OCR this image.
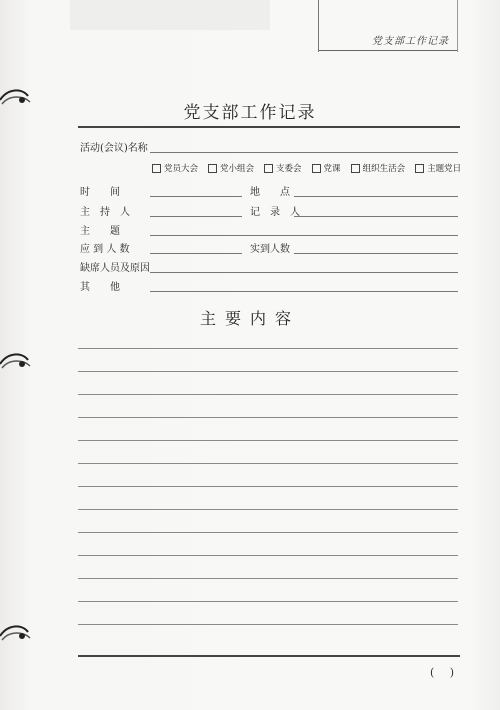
党支部工作记录
党支部工作记录
活动(会议)名称
党员大会	党小组会	支委会	党课	组织生活会	主题党日
时　　间	地　　点
主　持　人	记　录　人
主　　题
应 到 人 数	实到人数
缺席人员及原因
其　　他
主要内容
( )
